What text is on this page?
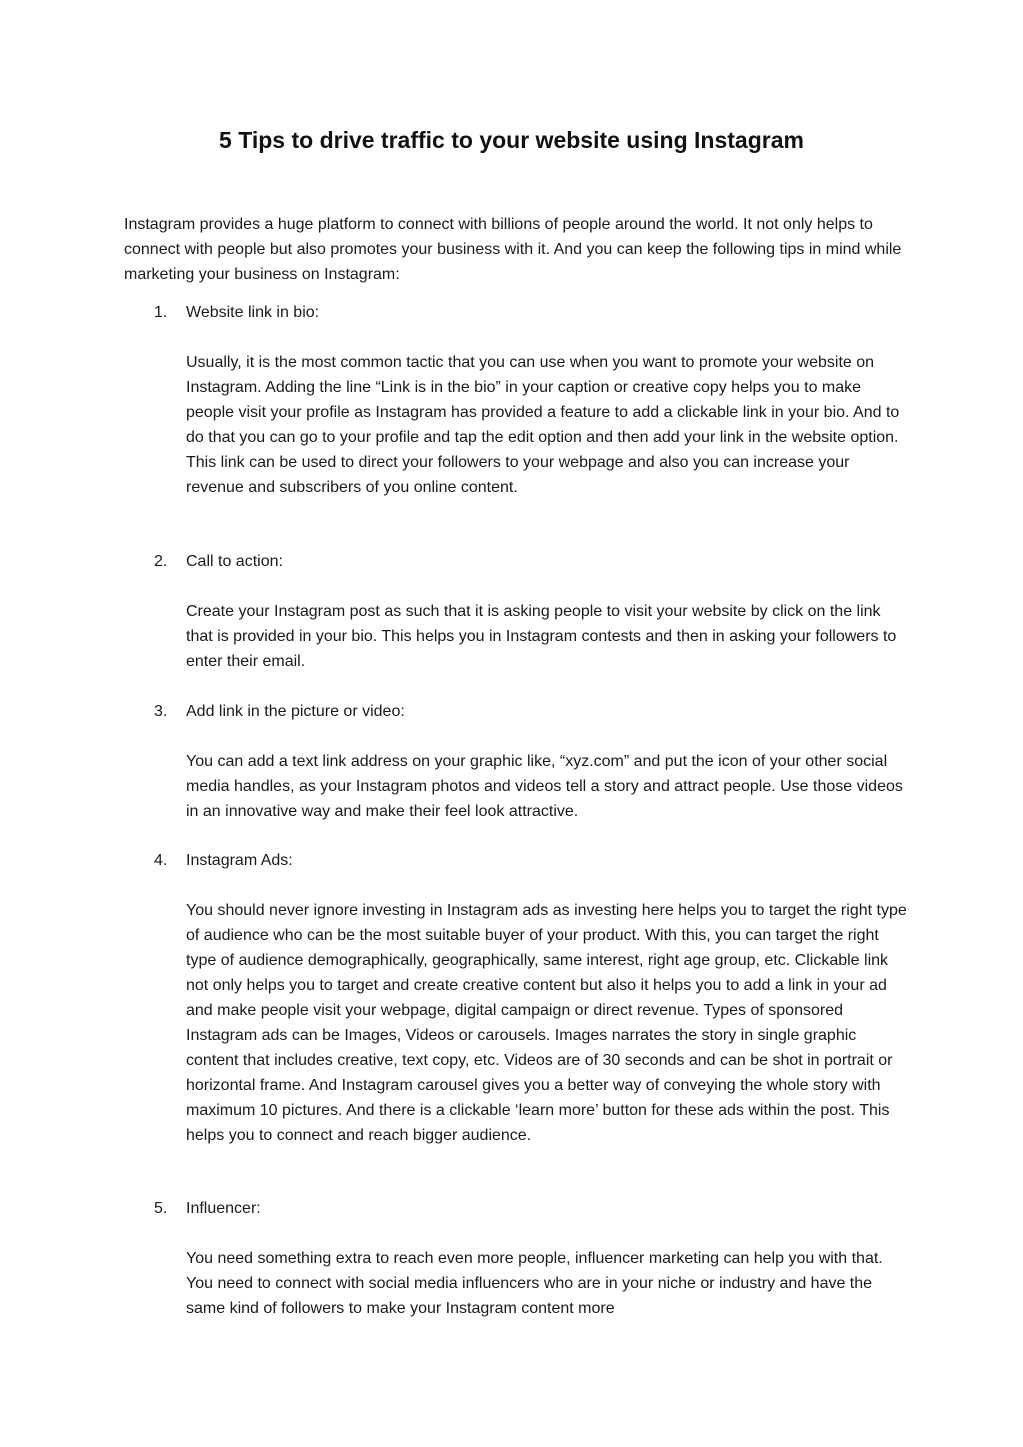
5 Tips to drive traffic to your website using Instagram

Instagram provides a huge platform to connect with billions of people around the world. It not only helps to connect with people but also promotes your business with it. And you can keep the following tips in mind while marketing your business on Instagram:

1. Website link in bio:

Usually, it is the most common tactic that you can use when you want to promote your website on Instagram. Adding the line “Link is in the bio” in your caption or creative copy helps you to make people visit your profile as Instagram has provided a feature to add a clickable link in your bio. And to do that you can go to your profile and tap the edit option and then add your link in the website option. This link can be used to direct your followers to your webpage and also you can increase your revenue and subscribers of you online content.

2. Call to action:

Create your Instagram post as such that it is asking people to visit your website by click on the link that is provided in your bio. This helps you in Instagram contests and then in asking your followers to enter their email.

3. Add link in the picture or video:

You can add a text link address on your graphic like, “xyz.com” and put the icon of your other social media handles, as your Instagram photos and videos tell a story and attract people. Use those videos in an innovative way and make their feel look attractive.

4. Instagram Ads:

You should never ignore investing in Instagram ads as investing here helps you to target the right type of audience who can be the most suitable buyer of your product. With this, you can target the right type of audience demographically, geographically, same interest, right age group, etc. Clickable link not only helps you to target and create creative content but also it helps you to add a link in your ad and make people visit your webpage, digital campaign or direct revenue. Types of sponsored Instagram ads can be Images, Videos or carousels. Images narrates the story in single graphic content that includes creative, text copy, etc. Videos are of 30 seconds and can be shot in portrait or horizontal frame. And Instagram carousel gives you a better way of conveying the whole story with maximum 10 pictures. And there is a clickable ‘learn more’ button for these ads within the post. This helps you to connect and reach bigger audience.

5. Influencer:

You need something extra to reach even more people, influencer marketing can help you with that. You need to connect with social media influencers who are in your niche or industry and have the same kind of followers to make your Instagram content more
